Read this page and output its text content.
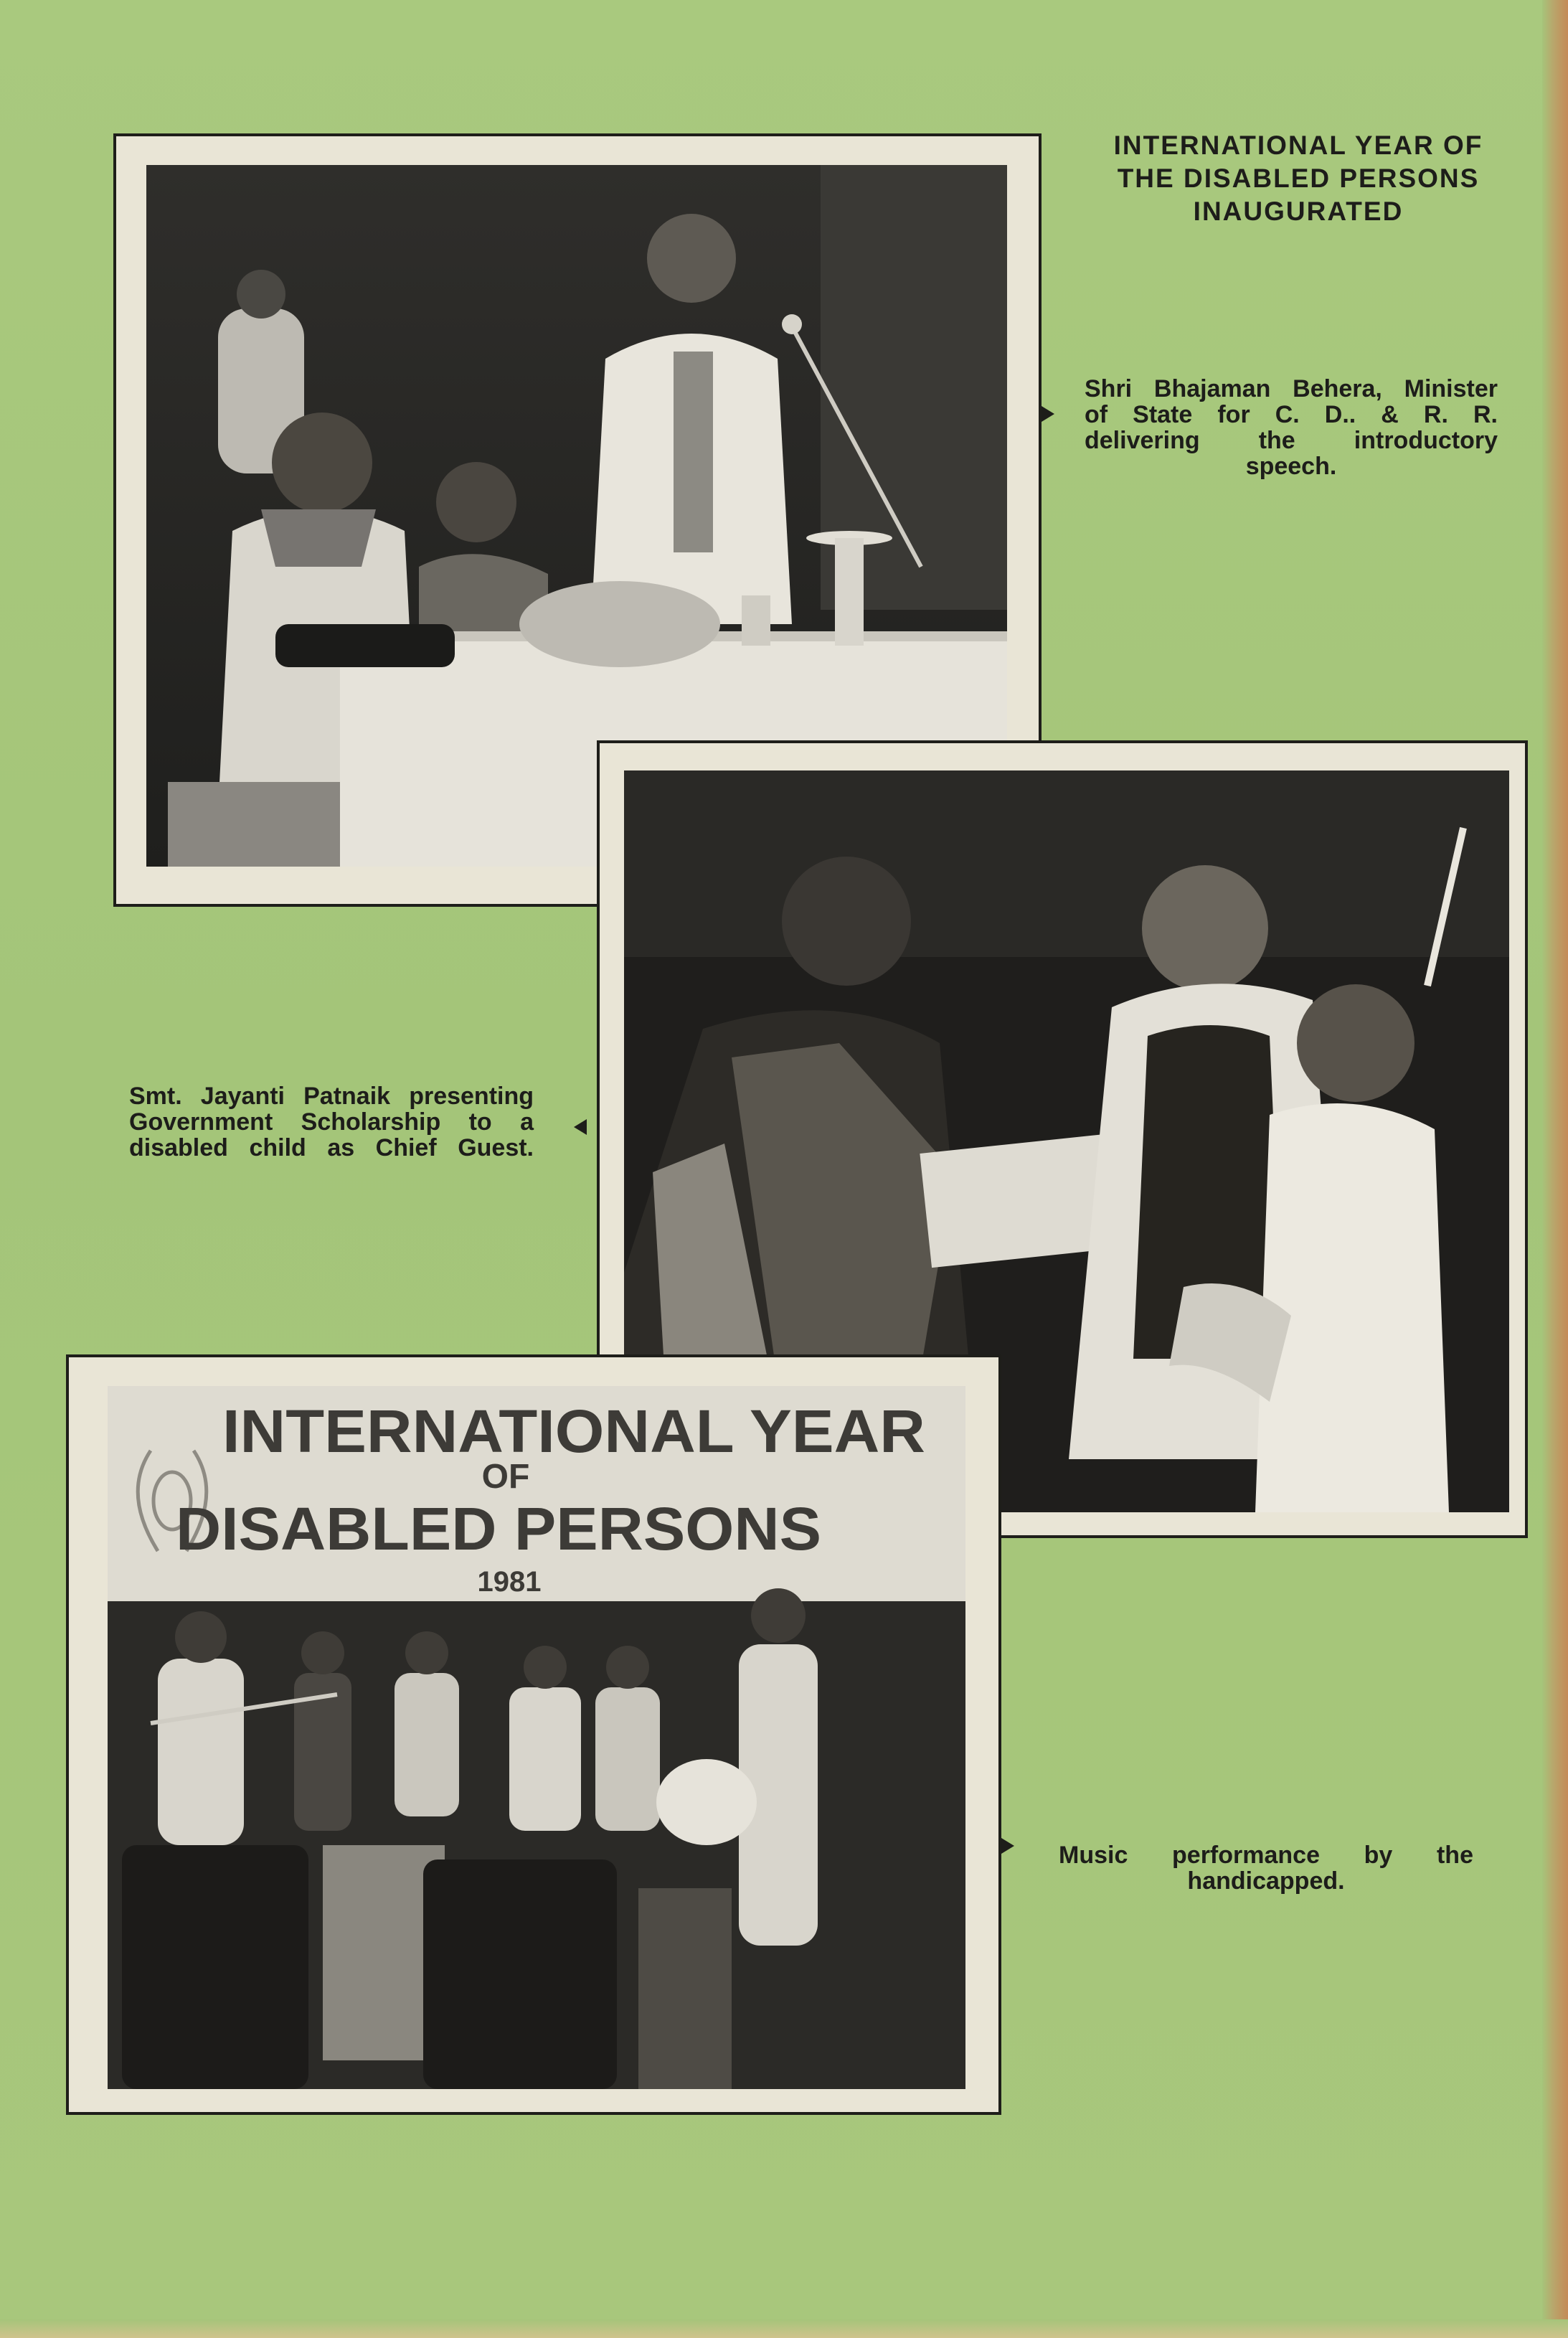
INTERNATIONAL YEAR OF
THE DISABLED PERSONS
INAUGURATED
Shri Bhajaman Behera, Minister
of State for C. D.. & R. R.
delivering the introductory
speech.
Smt. Jayanti Patnaik presenting
Government Scholarship to a
disabled child as Chief Guest.
INTERNATIONAL YEAR
OF
DISABLED PERSONS
1981
Music performance by the
handicapped.
